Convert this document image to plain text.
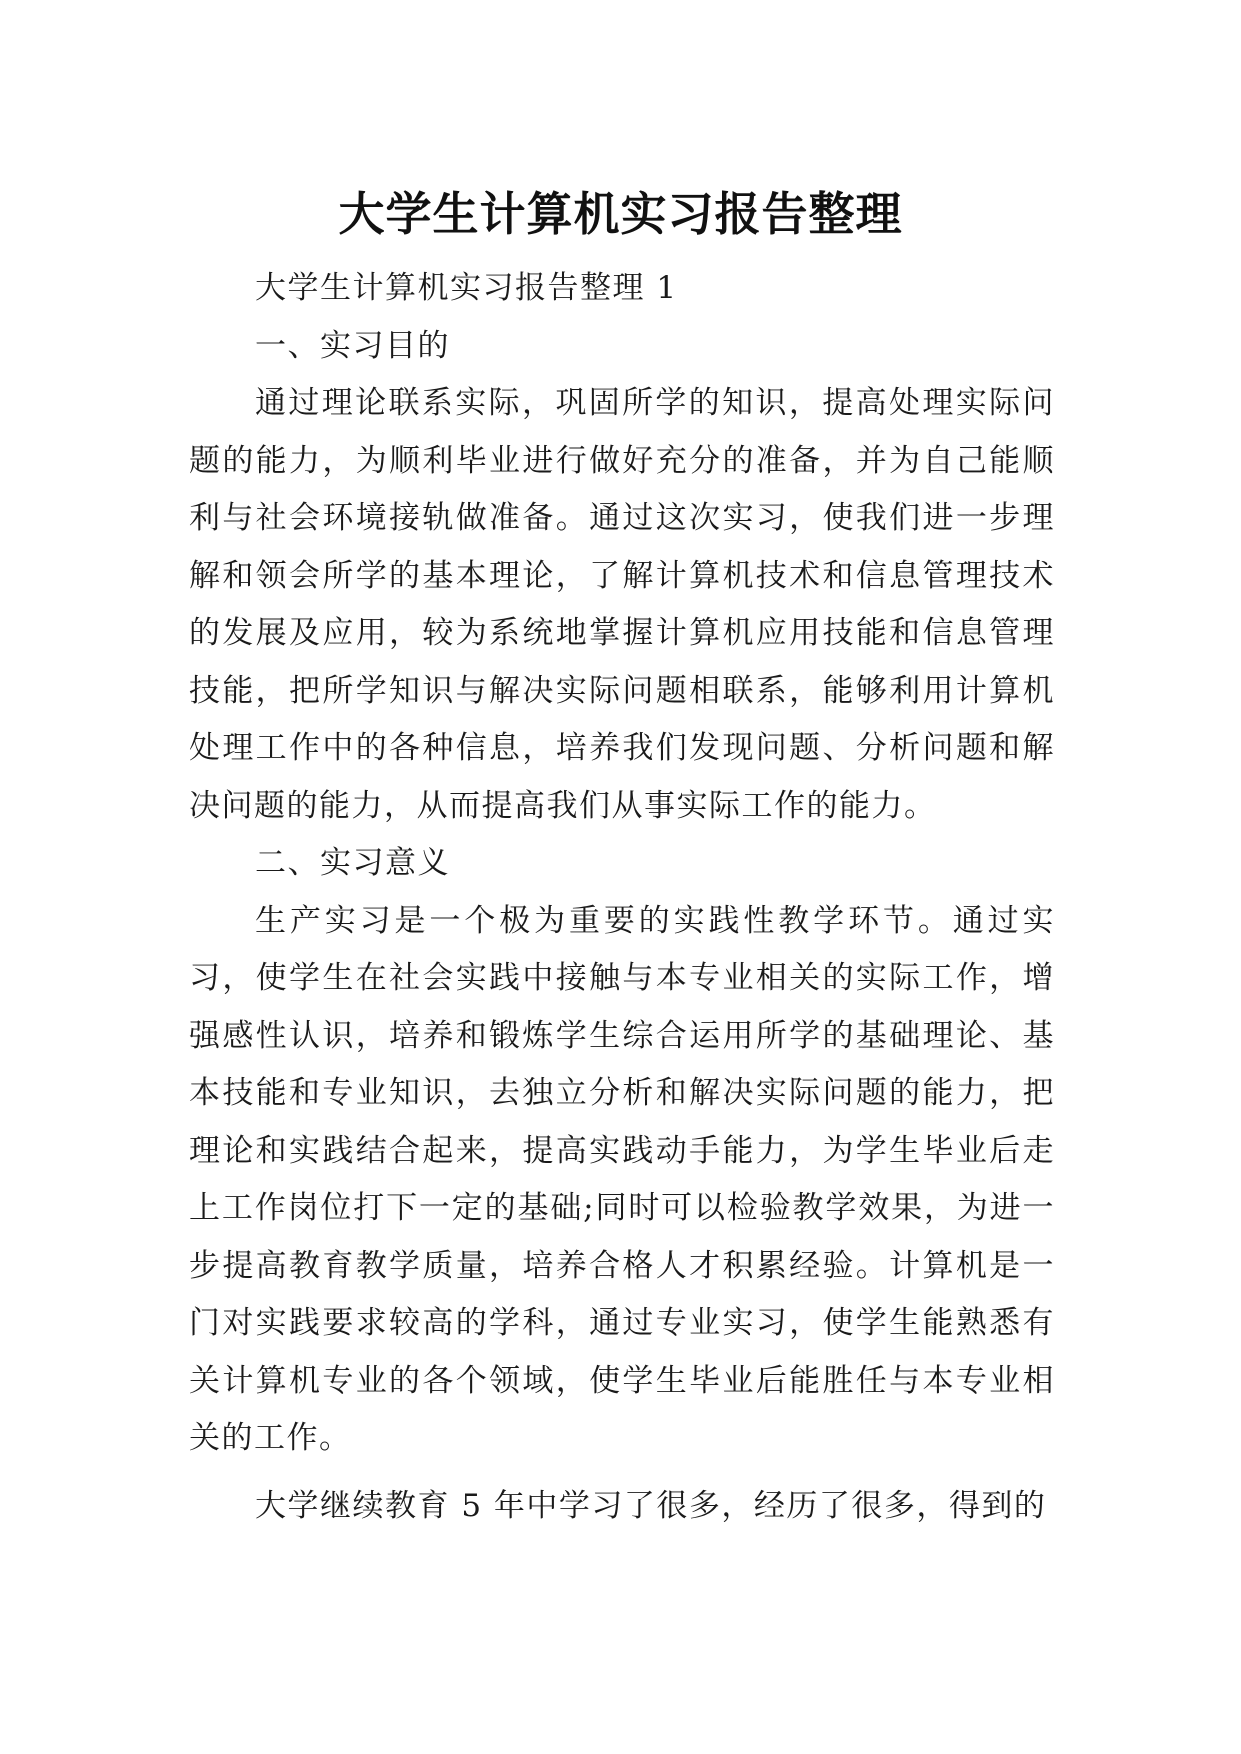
大学生计算机实习报告整理

大学生计算机实习报告整理 1

一、实习目的

通过理论联系实际，巩固所学的知识，提高处理实际问题的能力，为顺利毕业进行做好充分的准备，并为自己能顺利与社会环境接轨做准备。通过这次实习，使我们进一步理解和领会所学的基本理论，了解计算机技术和信息管理技术的发展及应用，较为系统地掌握计算机应用技能和信息管理技能，把所学知识与解决实际问题相联系，能够利用计算机处理工作中的各种信息，培养我们发现问题、分析问题和解决问题的能力，从而提高我们从事实际工作的能力。

二、实习意义

生产实习是一个极为重要的实践性教学环节。通过实习，使学生在社会实践中接触与本专业相关的实际工作，增强感性认识，培养和锻炼学生综合运用所学的基础理论、基本技能和专业知识，去独立分析和解决实际问题的能力，把理论和实践结合起来，提高实践动手能力，为学生毕业后走上工作岗位打下一定的基础;同时可以检验教学效果，为进一步提高教育教学质量，培养合格人才积累经验。计算机是一门对实践要求较高的学科，通过专业实习，使学生能熟悉有关计算机专业的各个领域，使学生毕业后能胜任与本专业相关的工作。

大学继续教育 5 年中学习了很多，经历了很多，得到的
